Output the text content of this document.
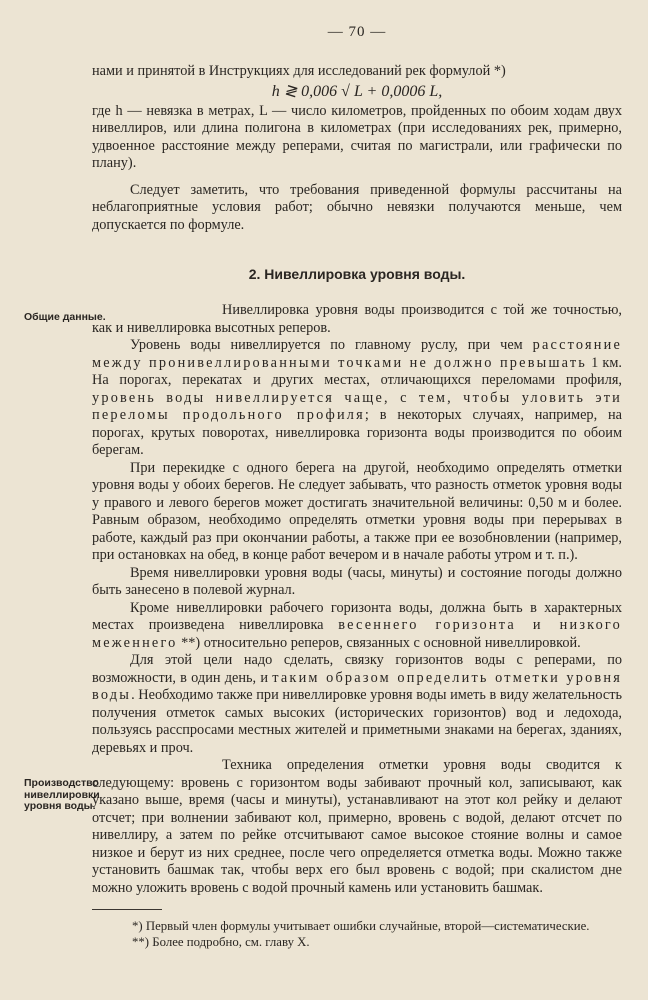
— 70 —

нами и принятой в Инструкциях для исследований рек формулой *)

h ≷ 0,006 √ L + 0,0006 L,

где h — невязка в метрах, L — число километров, пройденных по обоим ходам двух нивеллиров, или длина полигона в километрах (при исследованиях рек, примерно, удвоенное расстояние между реперами, считая по магистрали, или графически по плану).

Следует заметить, что требования приведенной формулы рассчитаны на неблагоприятные условия работ; обычно невязки получаются меньше, чем допускается по формуле.

2. Нивеллировка уровня воды.
Общие данные.	Нивеллировка уровня воды производится с той же точностью, как и нивеллировка высотных реперов.

Уровень воды нивеллируется по главному руслу, при чем расстояние между пронивеллированными точками не должно превышать 1 км. На порогах, перекатах и других местах, отличающихся переломами профиля, уровень воды нивеллируется чаще, с тем, чтобы уловить эти переломы продольного профиля; в некоторых случаях, например, на порогах, крутых поворотах, нивеллировка горизонта воды производится по обоим берегам.

При перекидке с одного берега на другой, необходимо определять отметки уровня воды у обоих берегов. Не следует забывать, что разность отметок уровня воды у правого и левого берегов может достигать значительной величины: 0,50 м и более. Равным образом, необходимо определять отметки уровня воды при перерывах в работе, каждый раз при окончании работы, а также при ее возобновлении (например, при остановках на обед, в конце работ вечером и в начале работы утром и т. п.).

Время нивеллировки уровня воды (часы, минуты) и состояние погоды должно быть занесено в полевой журнал.

Кроме нивеллировки рабочего горизонта воды, должна быть в характерных местах произведена нивеллировка весеннего горизонта и низкого меженнего **) относительно реперов, связанных с основной нивеллировкой.

Для этой цели надо сделать, связку горизонтов воды с реперами, по возможности, в один день, и таким образом определить отметки уровня воды. Необходимо также при нивеллировке уровня воды иметь в виду желательность получения отметок самых высоких (исторических горизонтов) вод и ледохода, пользуясь расспросами местных жителей и приметными знаками на берегах, зданиях, деревьях и проч.

Производство
нивеллировки
уровня воды.

Техника определения отметки уровня воды сводится к следующему: вровень с горизонтом воды забивают прочный кол, записывают, как указано выше, время (часы и минуты), устанавливают на этот кол рейку и делают отсчет; при волнении забивают кол, примерно, вровень с водой, делают отсчет по нивеллиру, а затем по рейке отсчитывают самое высокое стояние волны и самое низкое и берут из них среднее, после чего определяется отметка воды. Можно также установить башмак так, чтобы верх его был вровень с водой; при скалистом дне можно уложить вровень с водой прочный камень или установить башмак.

*) Первый член формулы учитывает ошибки случайные, второй—систематические.

**) Более подробно, см. главу X.
